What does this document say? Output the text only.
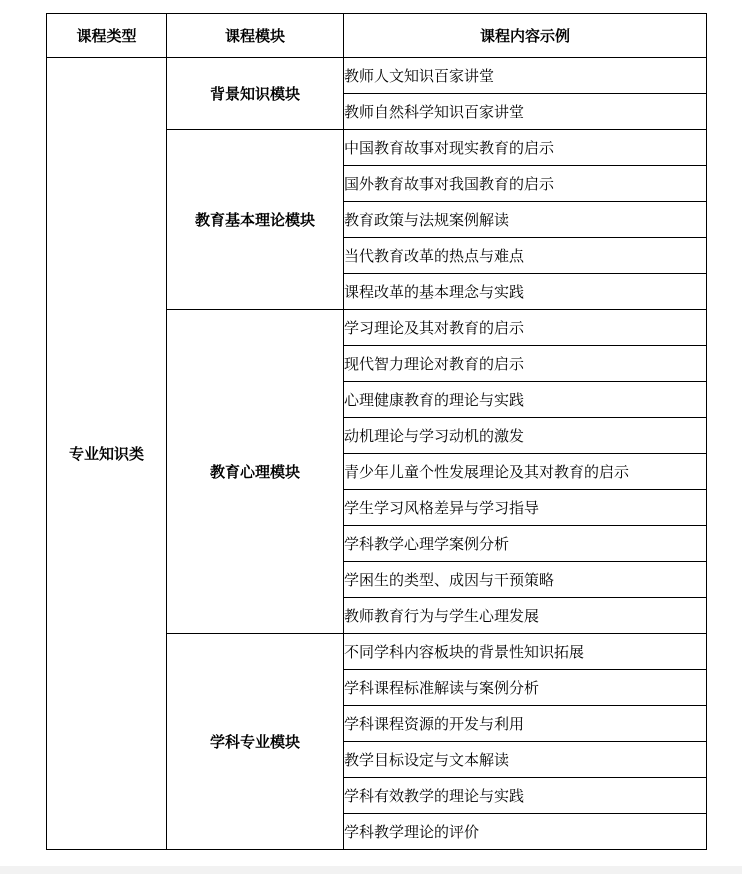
课程类型	课程模块	课程内容示例
专业知识类	背景知识模块	教师人文知识百家讲堂
		教师自然科学知识百家讲堂
	教育基本理论模块	中国教育故事对现实教育的启示
		国外教育故事对我国教育的启示
		教育政策与法规案例解读
		当代教育改革的热点与难点
		课程改革的基本理念与实践
	教育心理模块	学习理论及其对教育的启示
		现代智力理论对教育的启示
		心理健康教育的理论与实践
		动机理论与学习动机的激发
		青少年儿童个性发展理论及其对教育的启示
		学生学习风格差异与学习指导
		学科教学心理学案例分析
		学困生的类型、成因与干预策略
		教师教育行为与学生心理发展
	学科专业模块	不同学科内容板块的背景性知识拓展
		学科课程标准解读与案例分析
		学科课程资源的开发与利用
		教学目标设定与文本解读
		学科有效教学的理论与实践
		学科教学理论的评价
